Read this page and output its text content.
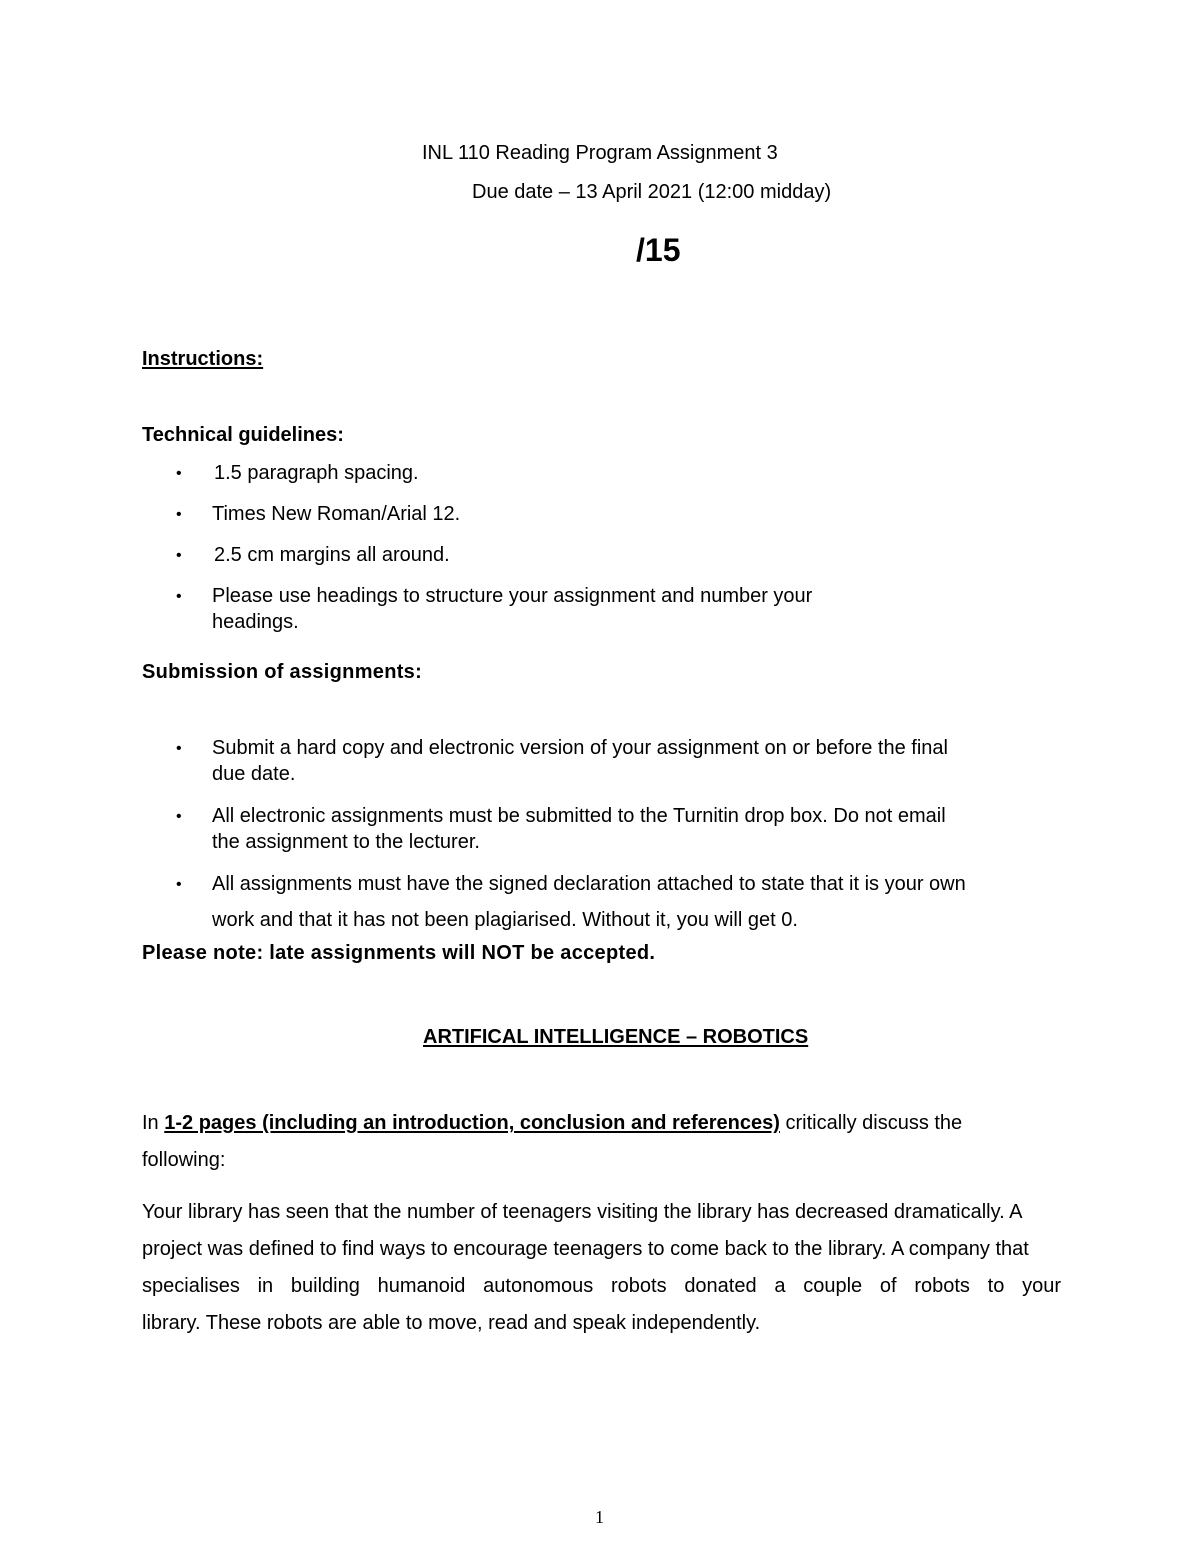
INL 110 Reading Program Assignment 3
Due date – 13 April 2021 (12:00 midday)
/15
Instructions:
Technical guidelines:
• 1.5 paragraph spacing.
• Times New Roman/Arial 12.
• 2.5 cm margins all around.
• Please use headings to structure your assignment and number your
headings.
Submission of assignments:
• Submit a hard copy and electronic version of your assignment on or before the final
due date.
• All electronic assignments must be submitted to the Turnitin drop box. Do not email
the assignment to the lecturer.
• All assignments must have the signed declaration attached to state that it is your own
work and that it has not been plagiarised. Without it, you will get 0.
Please note: late assignments will NOT be accepted.
ARTIFICAL INTELLIGENCE – ROBOTICS
In 1-2 pages (including an introduction, conclusion and references) critically discuss the
following:
Your library has seen that the number of teenagers visiting the library has decreased dramatically. A
project was defined to find ways to encourage teenagers to come back to the library. A company that
specialises in building humanoid autonomous robots donated a couple of robots to your
library. These robots are able to move, read and speak independently.
1
